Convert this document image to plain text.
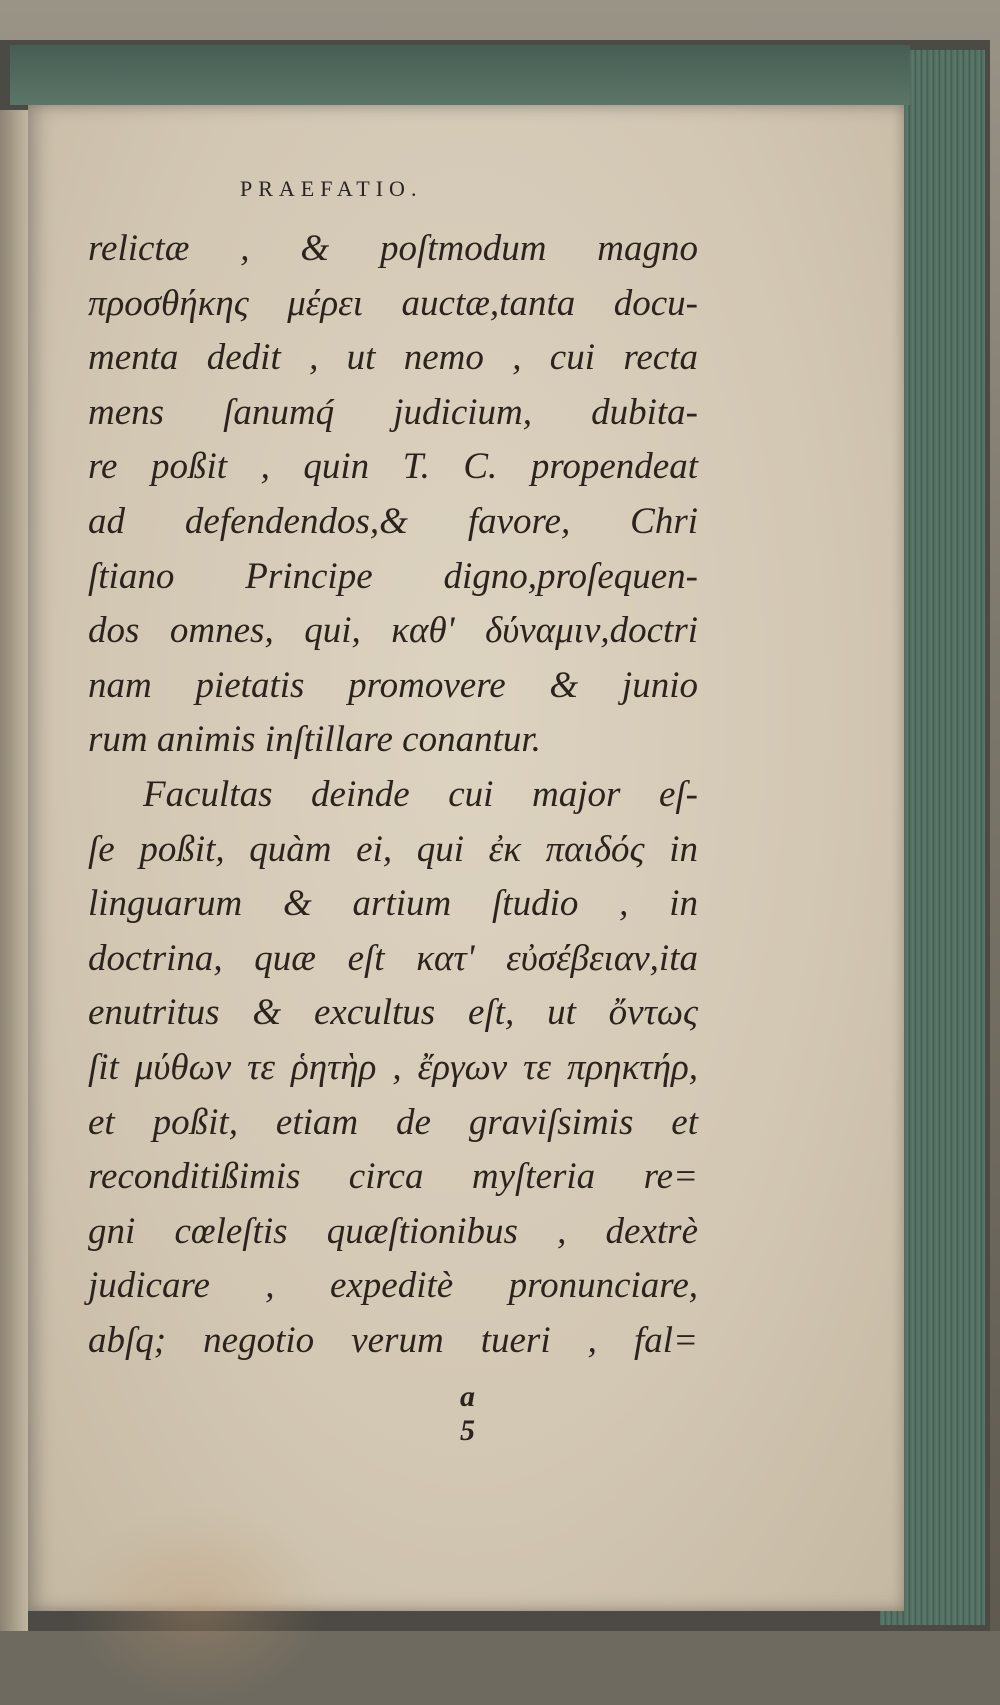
PRAEFATIO.
relictæ , & poſtmodum magno
προσθήκης μέρει auctæ,tanta docu-
menta dedit , ut nemo , cui recta
mens ſanumq́ judicium, dubita-
re poßit , quin T. C. propendeat
ad defendendos,& favore, Chri
ſtiano Principe digno,proſequen-
dos omnes, qui, καθ' δύναμιν,doctri
nam pietatis promovere & junio
rum animis inſtillare conantur.
Facultas deinde cui major eſ-
ſe poßit, quàm ei, qui ἐκ παιδός in
linguarum & artium ſtudio , in
doctrina, quæ eſt κατ' εὐσέβειαν,ita
enutritus & excultus eſt, ut ὄντως
ſit μύθων τε ῥητὴρ , ἔργων τε πρηκτήρ,
et poßit, etiam de graviſsimis et
reconditißimis circa myſteria re=
gni cœleſtis quæſtionibus , dextrè
judicare , expeditè pronunciare,
abſq; negotio verum tueri , fal=
a 5
